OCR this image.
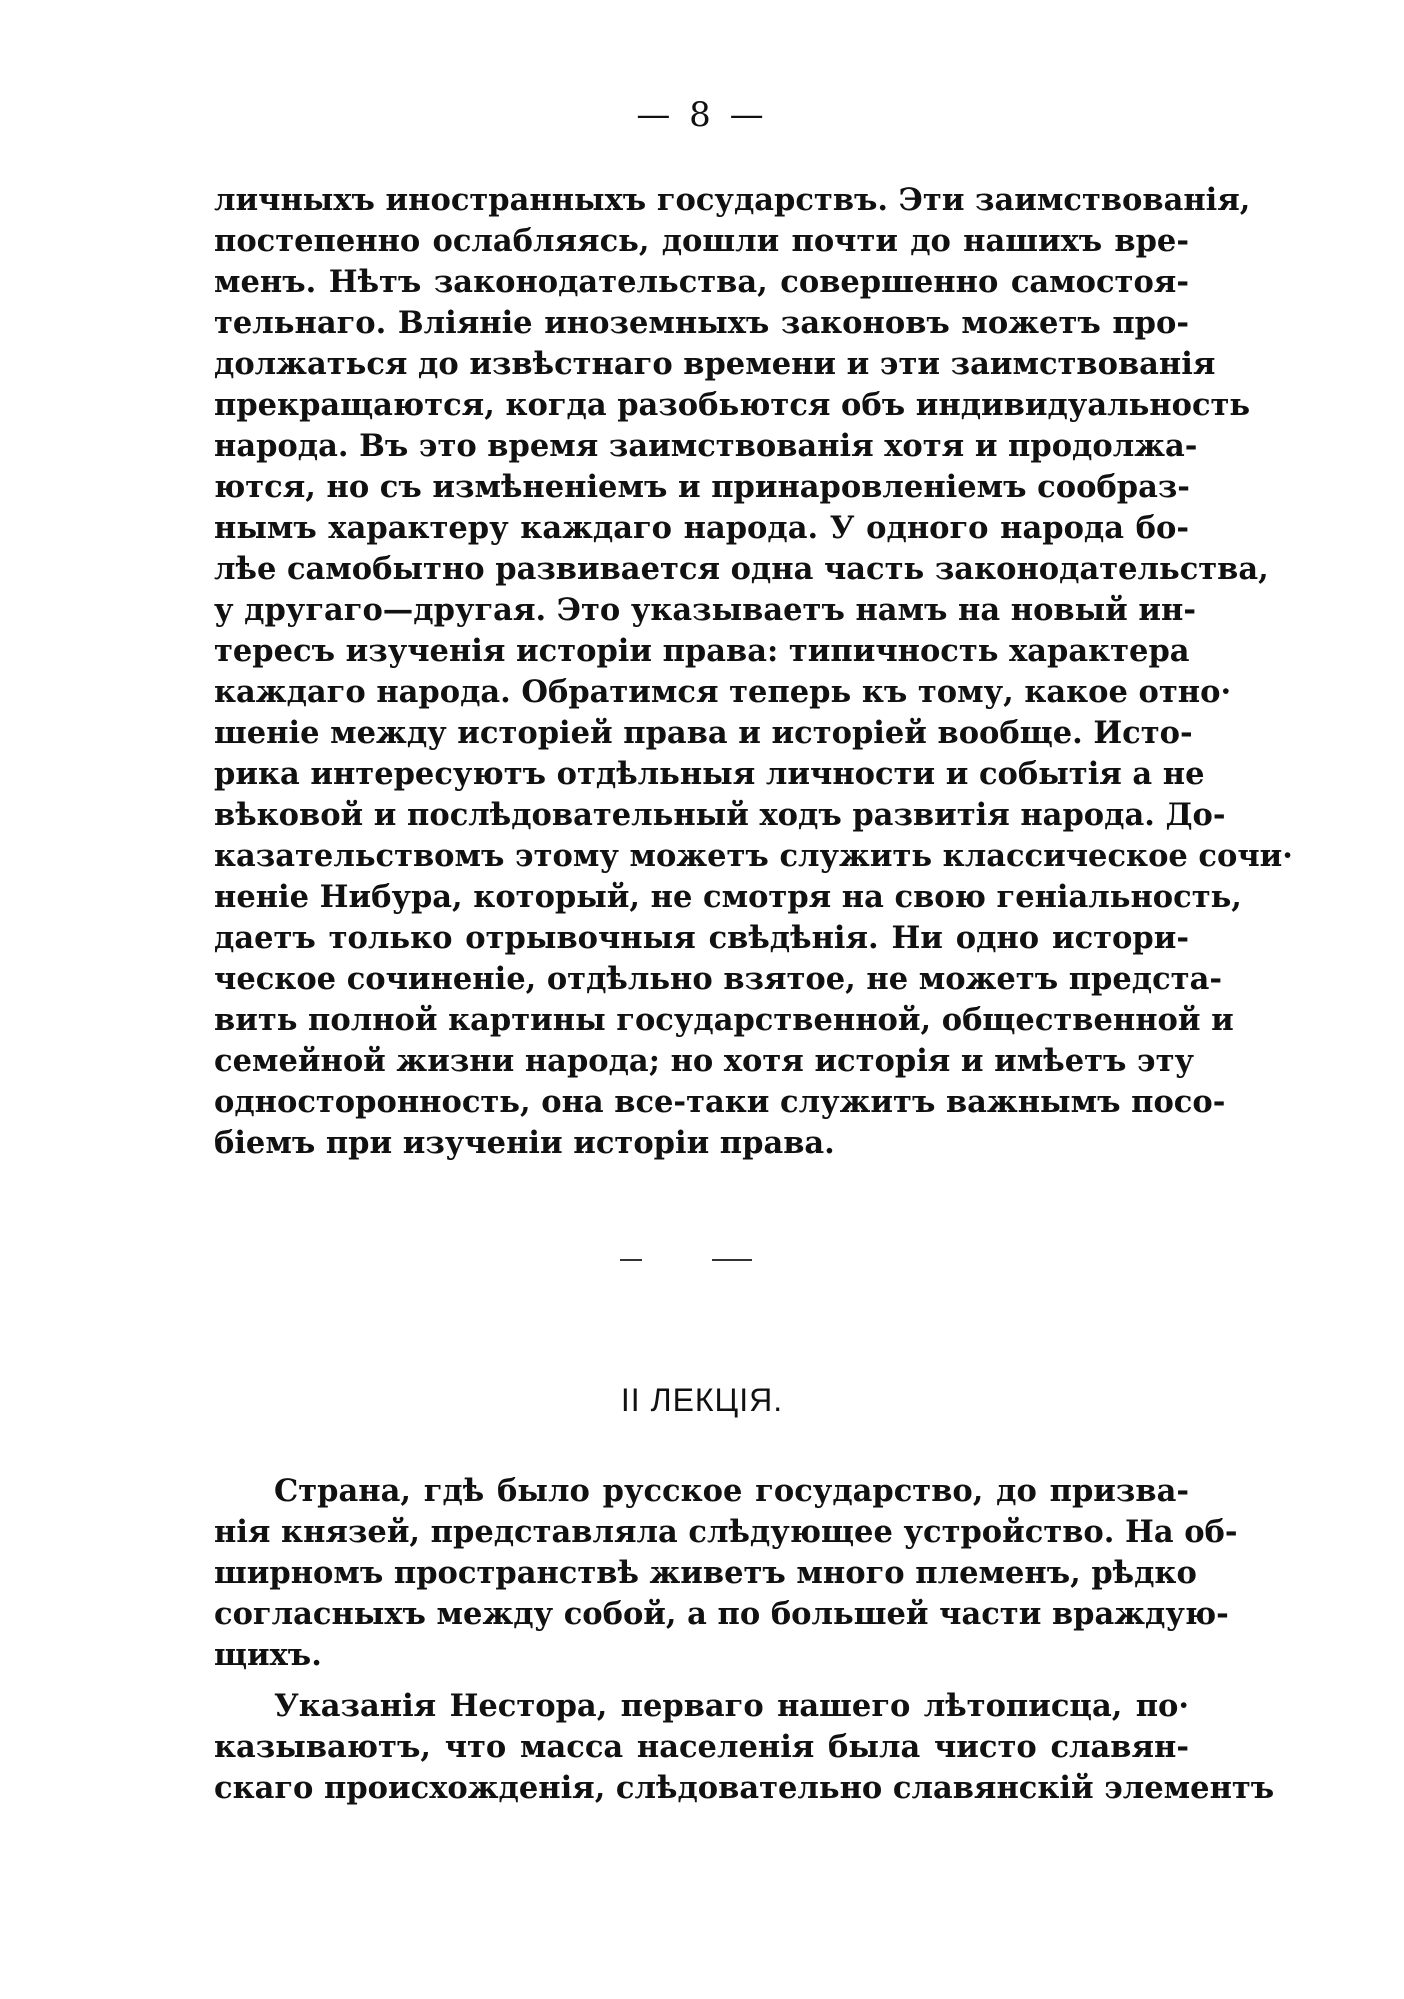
— 8 —
личныхъ иностранныхъ государствъ. Эти заимствованія,
постепенно ослабляясь, дошли почти до нашихъ вре-
менъ. Нѣтъ законодательства, совершенно самостоя-
тельнаго. Вліяніе иноземныхъ законовъ можетъ про-
должаться до извѣстнаго времени и эти заимствованія
прекращаются, когда разобьются объ индивидуальность
народа. Въ это время заимствованія хотя и продолжа-
ются, но съ измѣненіемъ и принаровленіемъ сообраз-
нымъ характеру каждаго народа. У одного народа бо-
лѣе самобытно развивается одна часть законодательства,
у другаго—другая. Это указываетъ намъ на новый ин-
тересъ изученія исторіи права: типичность характера
каждаго народа. Обратимся теперь къ тому, какое отно·
шеніе между исторіей права и исторіей вообще. Исто-
рика интересуютъ отдѣльныя личности и событія а не
вѣковой и послѣдовательный ходъ развитія народа. До-
казательствомъ этому можетъ служить классическое сочи·
неніе Нибура, который, не смотря на свою геніальность,
даетъ только отрывочныя свѣдѣнія. Ни одно истори-
ческое сочиненіе, отдѣльно взятое, не можетъ предста-
вить полной картины государственной, общественной и
семейной жизни народа; но хотя исторія и имѣетъ эту
односторонность, она все-таки служитъ важнымъ посо-
біемъ при изученіи исторіи права.
II ЛЕКЦІЯ.
Страна, гдѣ было русское государство, до призва-
нія князей, представляла слѣдующее устройство. На об-
ширномъ пространствѣ живетъ много племенъ, рѣдко
согласныхъ между собой, а по большей части враждую-
щихъ.
Указанія Нестора, перваго нашего лѣтописца, по·
казываютъ, что масса населенія была чисто славян-
скаго происхожденія, слѣдовательно славянскій элементъ
